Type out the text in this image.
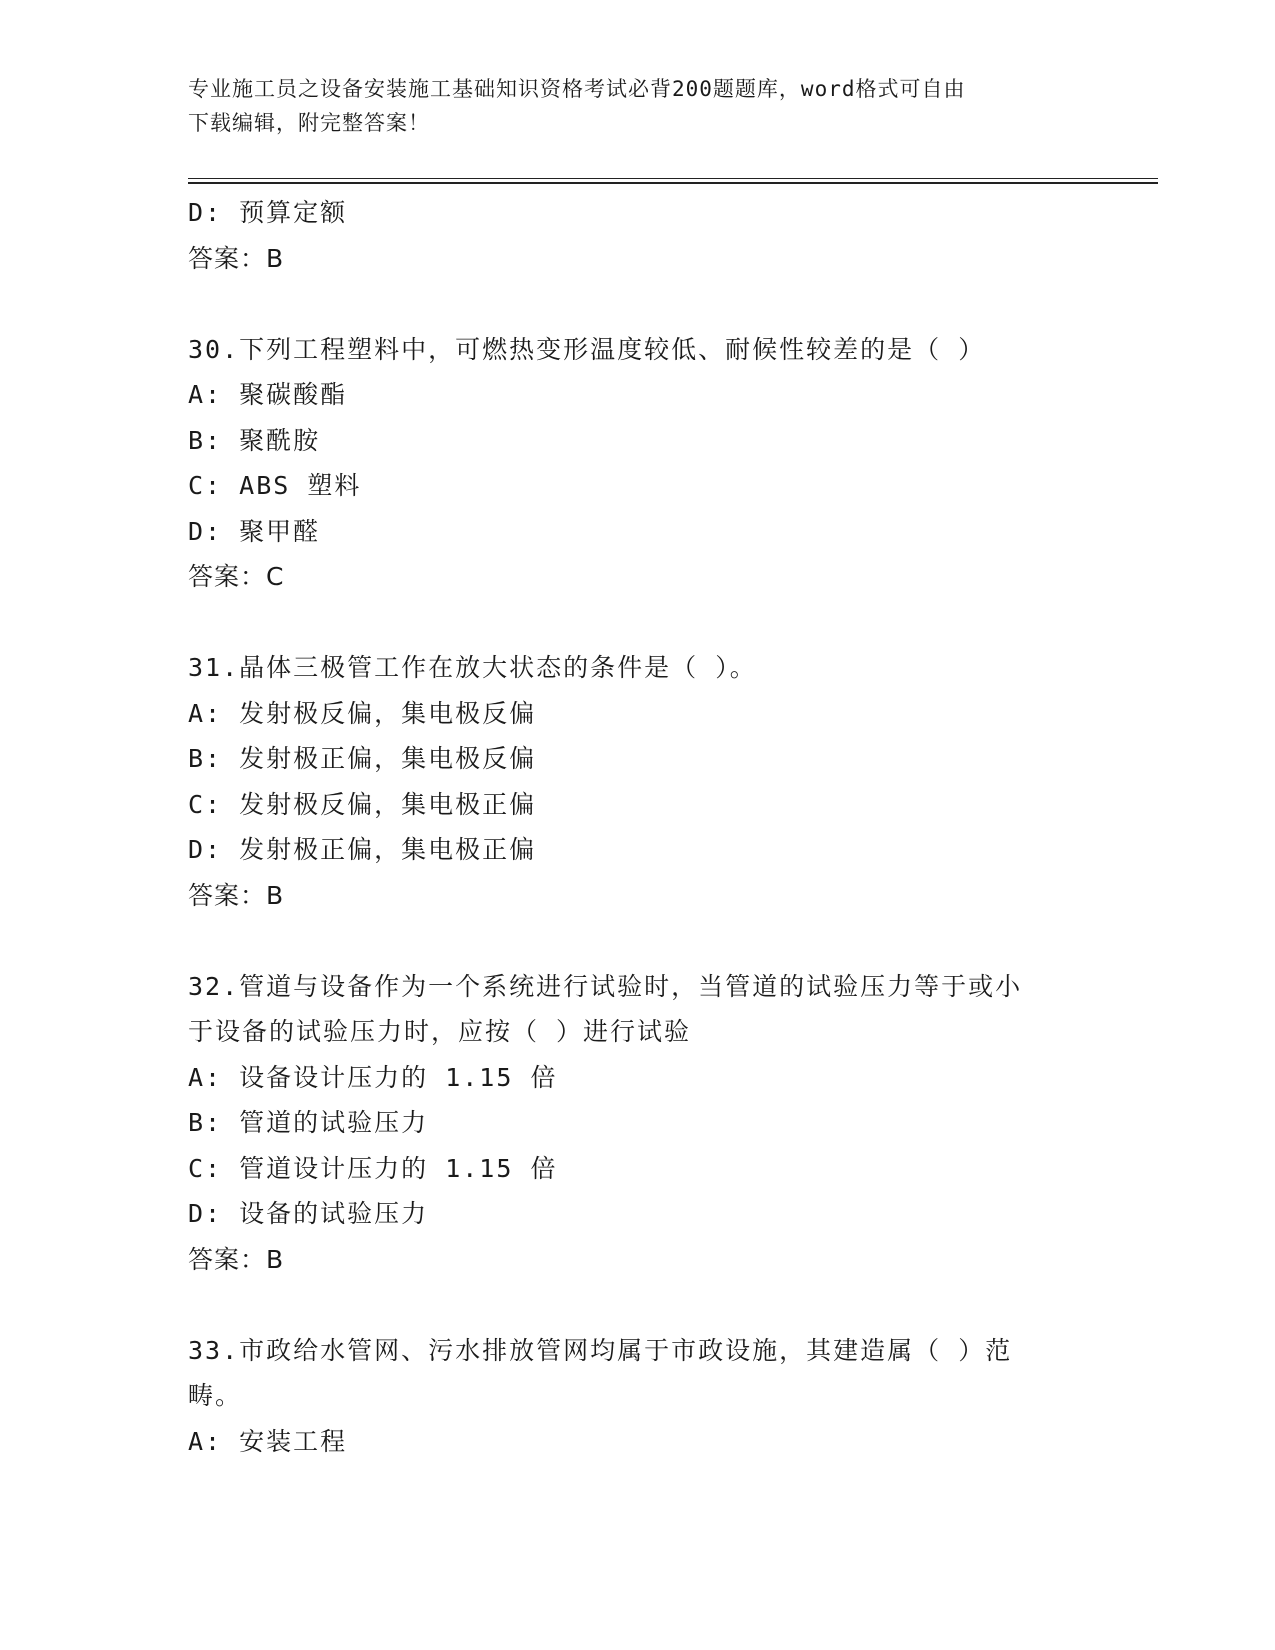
专业施工员之设备安装施工基础知识资格考试必背200题题库，word格式可自由
下载编辑，附完整答案！
D: 预算定额
答案：B
30.下列工程塑料中，可燃热变形温度较低、耐候性较差的是（ ）
A: 聚碳酸酯
B: 聚酰胺
C: ABS 塑料
D: 聚甲醛
答案：C
31.晶体三极管工作在放大状态的条件是（ ）。
A: 发射极反偏，集电极反偏
B: 发射极正偏，集电极反偏
C: 发射极反偏，集电极正偏
D: 发射极正偏，集电极正偏
答案：B
32.管道与设备作为一个系统进行试验时，当管道的试验压力等于或小
于设备的试验压力时，应按（ ）进行试验
A: 设备设计压力的 1.15 倍
B: 管道的试验压力
C: 管道设计压力的 1.15 倍
D: 设备的试验压力
答案：B
33.市政给水管网、污水排放管网均属于市政设施，其建造属（ ）范
畴。
A: 安装工程
